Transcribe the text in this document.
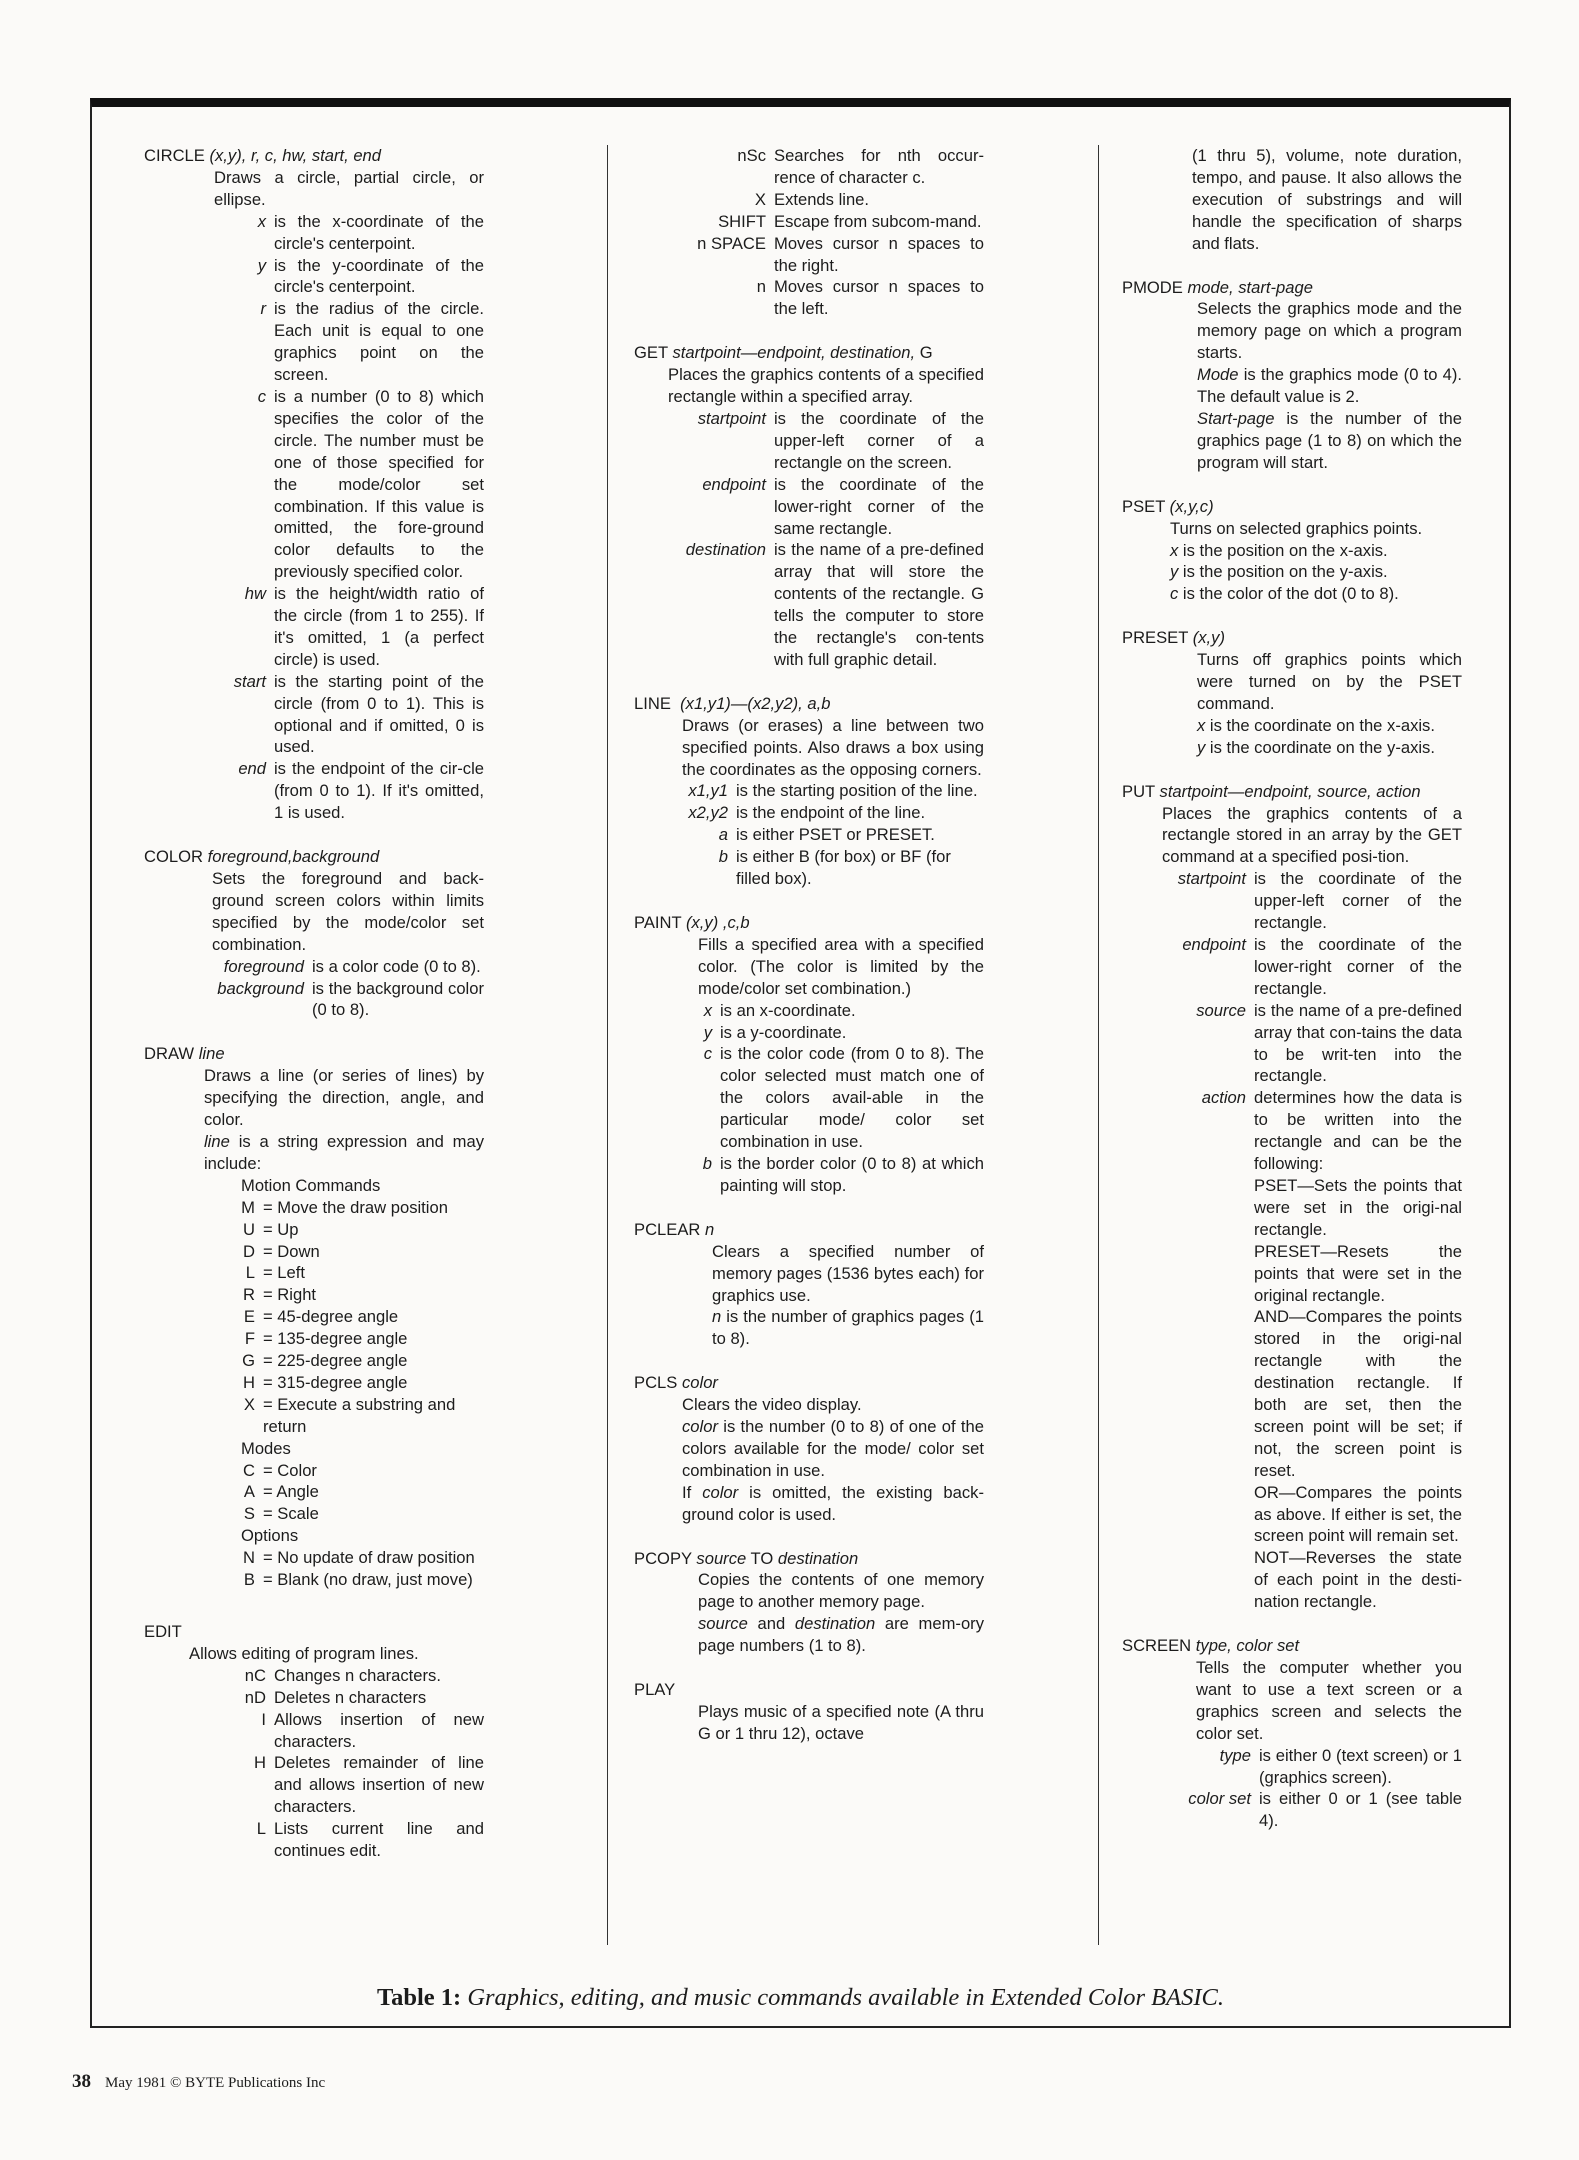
CIRCLE (x,y), r, c, hw, start, end
Draws a circle, partial circle, or ellipse.
x is the x-coordinate of the circle's centerpoint.
y is the y-coordinate of the circle's centerpoint.
r is the radius of the circle. Each unit is equal to one graphics point on the screen.
c is a number (0 to 8) which specifies the color of the circle. The number must be one of those specified for the mode/color set combination. If this value is omitted, the fore-ground color defaults to the previously specified color.
hw is the height/width ratio of the circle (from 1 to 255). If it's omitted, 1 (a perfect circle) is used.
start is the starting point of the circle (from 0 to 1). This is optional and if omitted, 0 is used.
end is the endpoint of the cir-cle (from 0 to 1). If it's omitted, 1 is used.
COLOR foreground,background
Sets the foreground and back-ground screen colors within limits specified by the mode/color set combination.
foreground is a color code (0 to 8).
background is the background color (0 to 8).
DRAW line
Draws a line (or series of lines) by specifying the direction, angle, and color.
line is a string expression and may include:
Motion Commands
M = Move the draw position
U = Up
D = Down
L = Left
R = Right
E = 45-degree angle
F = 135-degree angle
G = 225-degree angle
H = 315-degree angle
X = Execute a substring and return
Modes
C = Color
A = Angle
S = Scale
Options
N = No update of draw position
B = Blank (no draw, just move)
EDIT
Allows editing of program lines.
nC Changes n characters.
nD Deletes n characters
I Allows insertion of new characters.
H Deletes remainder of line and allows insertion of new characters.
L Lists current line and continues edit.
nSc Searches for nth occur-rence of character c.
X Extends line.
SHIFT Escape from subcom-mand.
n SPACE Moves cursor n spaces to the right.
n Moves cursor n spaces to the left.
GET startpoint—endpoint, destination, G
Places the graphics contents of a specified rectangle within a specified array.
startpoint is the coordinate of the upper-left corner of a rectangle on the screen.
endpoint is the coordinate of the lower-right corner of the same rectangle.
destination is the name of a pre-defined array that will store the contents of the rectangle. G tells the computer to store the rectangle's con-tents with full graphic detail.
LINE (x1,y1)—(x2,y2), a,b
Draws (or erases) a line between two specified points. Also draws a box using the coordinates as the opposing corners.
x1,y1 is the starting position of the line.
x2,y2 is the endpoint of the line.
a is either PSET or PRESET.
b is either B (for box) or BF (for filled box).
PAINT (x,y) ,c,b
Fills a specified area with a specified color. (The color is limited by the mode/color set combination.)
x is an x-coordinate.
y is a y-coordinate.
c is the color code (from 0 to 8). The color selected must match one of the colors avail-able in the particular mode/ color set combination in use.
b is the border color (0 to 8) at which painting will stop.
PCLEAR n
Clears a specified number of memory pages (1536 bytes each) for graphics use.
n is the number of graphics pages (1 to 8).
PCLS color
Clears the video display.
color is the number (0 to 8) of one of the colors available for the mode/ color set combination in use.
If color is omitted, the existing back-ground color is used.
PCOPY source TO destination
Copies the contents of one memory page to another memory page.
source and destination are mem-ory page numbers (1 to 8).
PLAY
Plays music of a specified note (A thru G or 1 thru 12), octave
(1 thru 5), volume, note duration, tempo, and pause. It also allows the execution of substrings and will handle the specification of sharps and flats.
PMODE mode, start-page
Selects the graphics mode and the memory page on which a program starts.
Mode is the graphics mode (0 to 4). The default value is 2.
Start-page is the number of the graphics page (1 to 8) on which the program will start.
PSET (x,y,c)
Turns on selected graphics points.
x is the position on the x-axis.
y is the position on the y-axis.
c is the color of the dot (0 to 8).
PRESET (x,y)
Turns off graphics points which were turned on by the PSET command.
x is the coordinate on the x-axis.
y is the coordinate on the y-axis.
PUT startpoint—endpoint, source, action
Places the graphics contents of a rectangle stored in an array by the GET command at a specified posi-tion.
startpoint is the coordinate of the upper-left corner of the rectangle.
endpoint is the coordinate of the lower-right corner of the rectangle.
source is the name of a pre-defined array that con-tains the data to be writ-ten into the rectangle.
action determines how the data is to be written into the rectangle and can be the following:
PSET—Sets the points that were set in the origi-nal rectangle.
PRESET—Resets the points that were set in the original rectangle.
AND—Compares the points stored in the origi-nal rectangle with the destination rectangle. If both are set, then the screen point will be set; if not, the screen point is reset.
OR—Compares the points as above. If either is set, the screen point will remain set.
NOT—Reverses the state of each point in the desti-nation rectangle.
SCREEN type, color set
Tells the computer whether you want to use a text screen or a graphics screen and selects the color set.
type is either 0 (text screen) or 1 (graphics screen).
color set is either 0 or 1 (see table 4).
Table 1: Graphics, editing, and music commands available in Extended Color BASIC.
38 May 1981 © BYTE Publications Inc
